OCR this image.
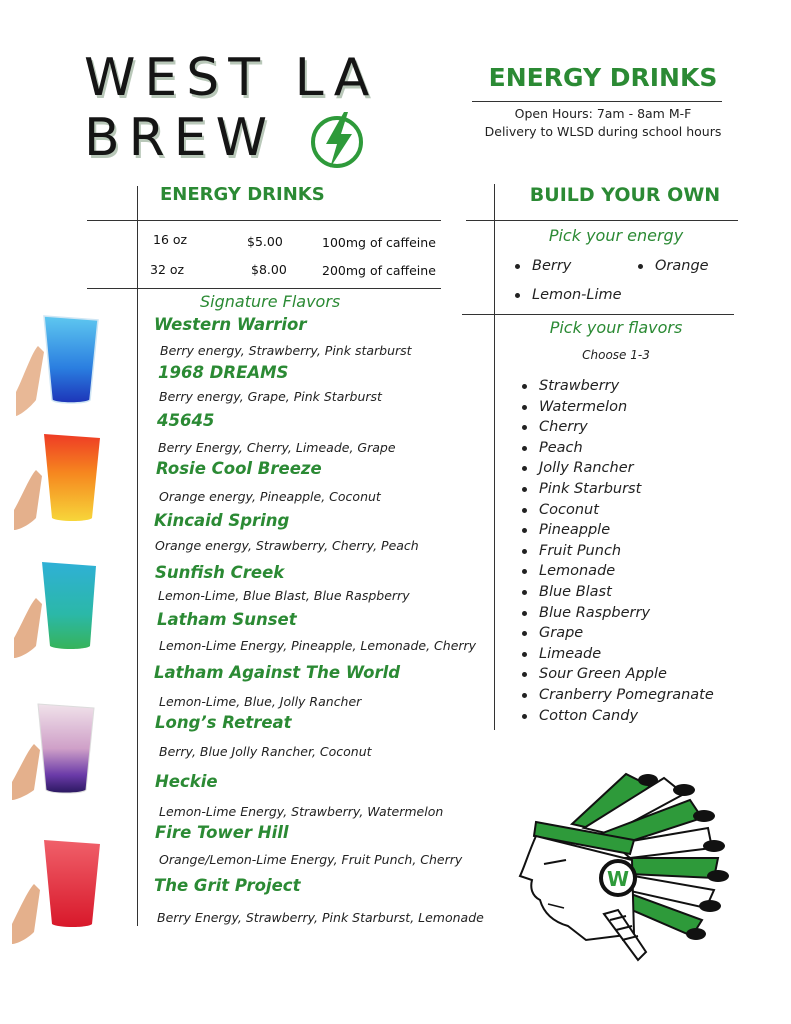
WEST LA
BREW
ENERGY DRINKS
Open Hours: 7am - 8am M-F
Delivery to WLSD during school hours
ENERGY DRINKS	BUILD YOUR OWN
16 oz	$5.00	100mg of caffeine
32 oz	$8.00	200mg of caffeine
Signature Flavors
Western Warrior
Berry energy, Strawberry, Pink starburst
1968 DREAMS
Berry energy, Grape, Pink Starburst
45645
Berry Energy, Cherry, Limeade, Grape
Rosie Cool Breeze
Orange energy, Pineapple, Coconut
Kincaid Spring
Orange energy, Strawberry, Cherry, Peach
Sunfish Creek
Lemon-Lime, Blue Blast, Blue Raspberry
Latham Sunset
Lemon-Lime Energy, Pineapple, Lemonade, Cherry
Latham Against The World
Lemon-Lime, Blue, Jolly Rancher
Long’s Retreat
Berry, Blue Jolly Rancher, Coconut
Heckie
Lemon-Lime Energy, Strawberry, Watermelon
Fire Tower Hill
Orange/Lemon-Lime Energy, Fruit Punch, Cherry
The Grit Project
Berry Energy, Strawberry, Pink Starburst, Lemonade
Pick your energy
Berry	Orange
Lemon-Lime
Pick your flavors
Choose 1-3
Strawberry
Watermelon
Cherry
Peach
Jolly Rancher
Pink Starburst
Coconut
Pineapple
Fruit Punch
Lemonade
Blue Blast
Blue Raspberry
Grape
Limeade
Sour Green Apple
Cranberry Pomegranate
Cotton Candy
W
